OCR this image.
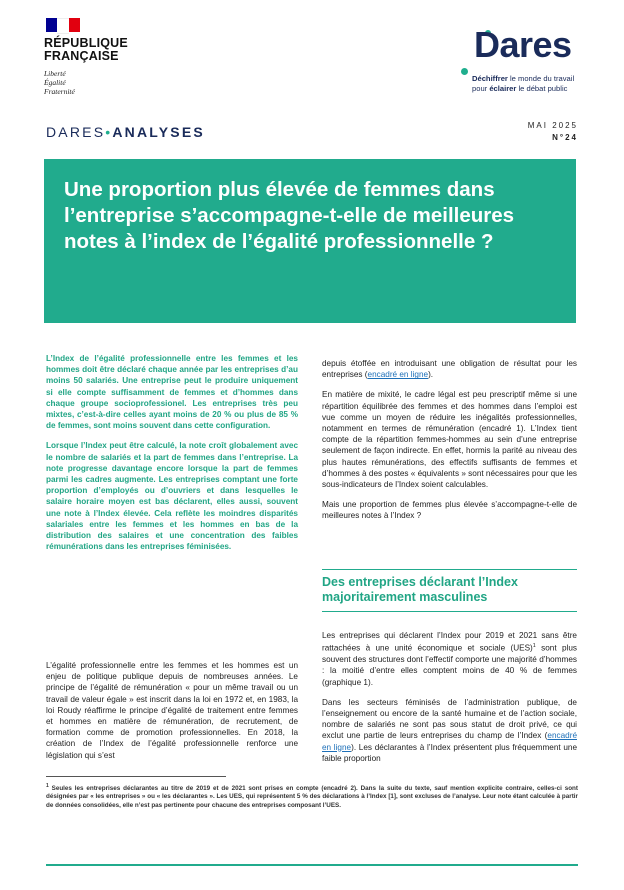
RÉPUBLIQUE
FRANÇAISE
Liberté
Égalité
Fraternité
Dares
Déchiffrer le monde du travail
pour éclairer le débat public
DARES•ANALYSES	MAI 2025
N°24
Une proportion plus élevée de femmes dans l’entreprise s’accompagne-t-elle de meilleures notes à l’index de l’égalité professionnelle ?

L’Index de l’égalité professionnelle entre les femmes et les hommes doit être déclaré chaque année par les entreprises d’au moins 50 salariés. Une entreprise peut le produire uniquement si elle compte suffisamment de femmes et d’hommes dans chaque groupe socioprofessionel. Les entreprises très peu mixtes, c’est-à-dire celles ayant moins de 20 % ou plus de 85 % de femmes, sont moins souvent dans cette configuration.

Lorsque l’Index peut être calculé, la note croît globalement avec le nombre de salariés et la part de femmes dans l’entreprise. La note progresse davantage encore lorsque la part de femmes parmi les cadres augmente. Les entreprises comptant une forte proportion d’employés ou d’ouvriers et dans lesquelles le salaire horaire moyen est bas déclarent, elles aussi, souvent une note à l’Index élevée. Cela reflète les moindres disparités salariales entre les femmes et les hommes en bas de la distribution des salaires et une concentration des faibles rémunérations dans les entreprises féminisées.

L’égalité professionnelle entre les femmes et les hommes est un enjeu de politique publique depuis de nombreuses années. Le principe de l’égalité de rémunération « pour un même travail ou un travail de valeur égale » est inscrit dans la loi en 1972 et, en 1983, la loi Roudy réaffirme le principe d’égalité de traitement entre femmes et hommes en matière de rémunération, de recrutement, de formation comme de promotion professionnelles. En 2018, la création de l’Index de l’égalité professionnelle renforce une législation qui s’est

depuis étoffée en introduisant une obligation de résultat pour les entreprises (encadré en ligne).

En matière de mixité, le cadre légal est peu prescriptif même si une répartition équilibrée des femmes et des hommes dans l’emploi est vue comme un moyen de réduire les inégalités professionnelles, notamment en termes de rémunération (encadré 1). L’Index tient compte de la répartition femmes-hommes au sein d’une entreprise seulement de façon indirecte. En effet, hormis la parité au niveau des plus hautes rémunérations, des effectifs suffisants de femmes et d’hommes à des postes « équivalents » sont nécessaires pour que les sous-indicateurs de l’Index soient calculables.

Mais une proportion de femmes plus élevée s’accompagne-t-elle de meilleures notes à l’Index ?

Des entreprises déclarant l’Index majoritairement masculines

Les entreprises qui déclarent l’Index pour 2019 et 2021 sans être rattachées à une unité économique et sociale (UES)$^1$ sont plus souvent des structures dont l’effectif comporte une majorité d’hommes : la moitié d’entre elles comptent moins de 40 % de femmes (graphique 1).

Dans les secteurs féminisés de l’administration publique, de l’enseignement ou encore de la santé humaine et de l’action sociale, nombre de salariés ne sont pas sous statut de droit privé, ce qui exclut une partie de leurs entreprises du champ de l’Index (encadré en ligne). Les déclarantes à l’Index présentent plus fréquemment une faible proportion

$^1$ Seules les entreprises déclarantes au titre de 2019 et de 2021 sont prises en compte (encadré 2). Dans la suite du texte, sauf mention explicite contraire, celles-ci sont désignées par « les entreprises » ou « les déclarantes ». Les UES, qui représentent 5 % des déclarations à l’Index [1], sont excluses de l’analyse. Leur note étant calculée à partir de données consolidées, elle n’est pas pertinente pour chacune des entreprises composant l’UES.
